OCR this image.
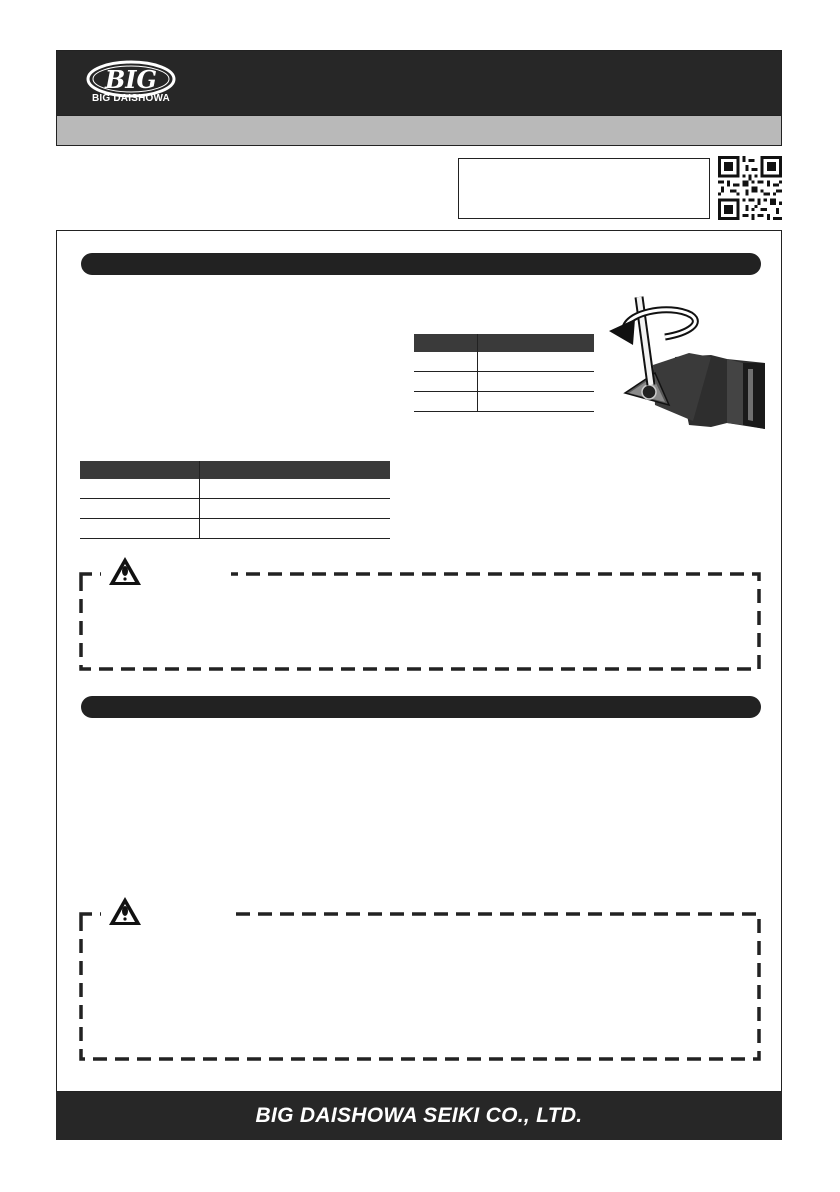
BIG
BIG DAISHOWA

BIG DAISHOWA SEIKI CO., LTD.
